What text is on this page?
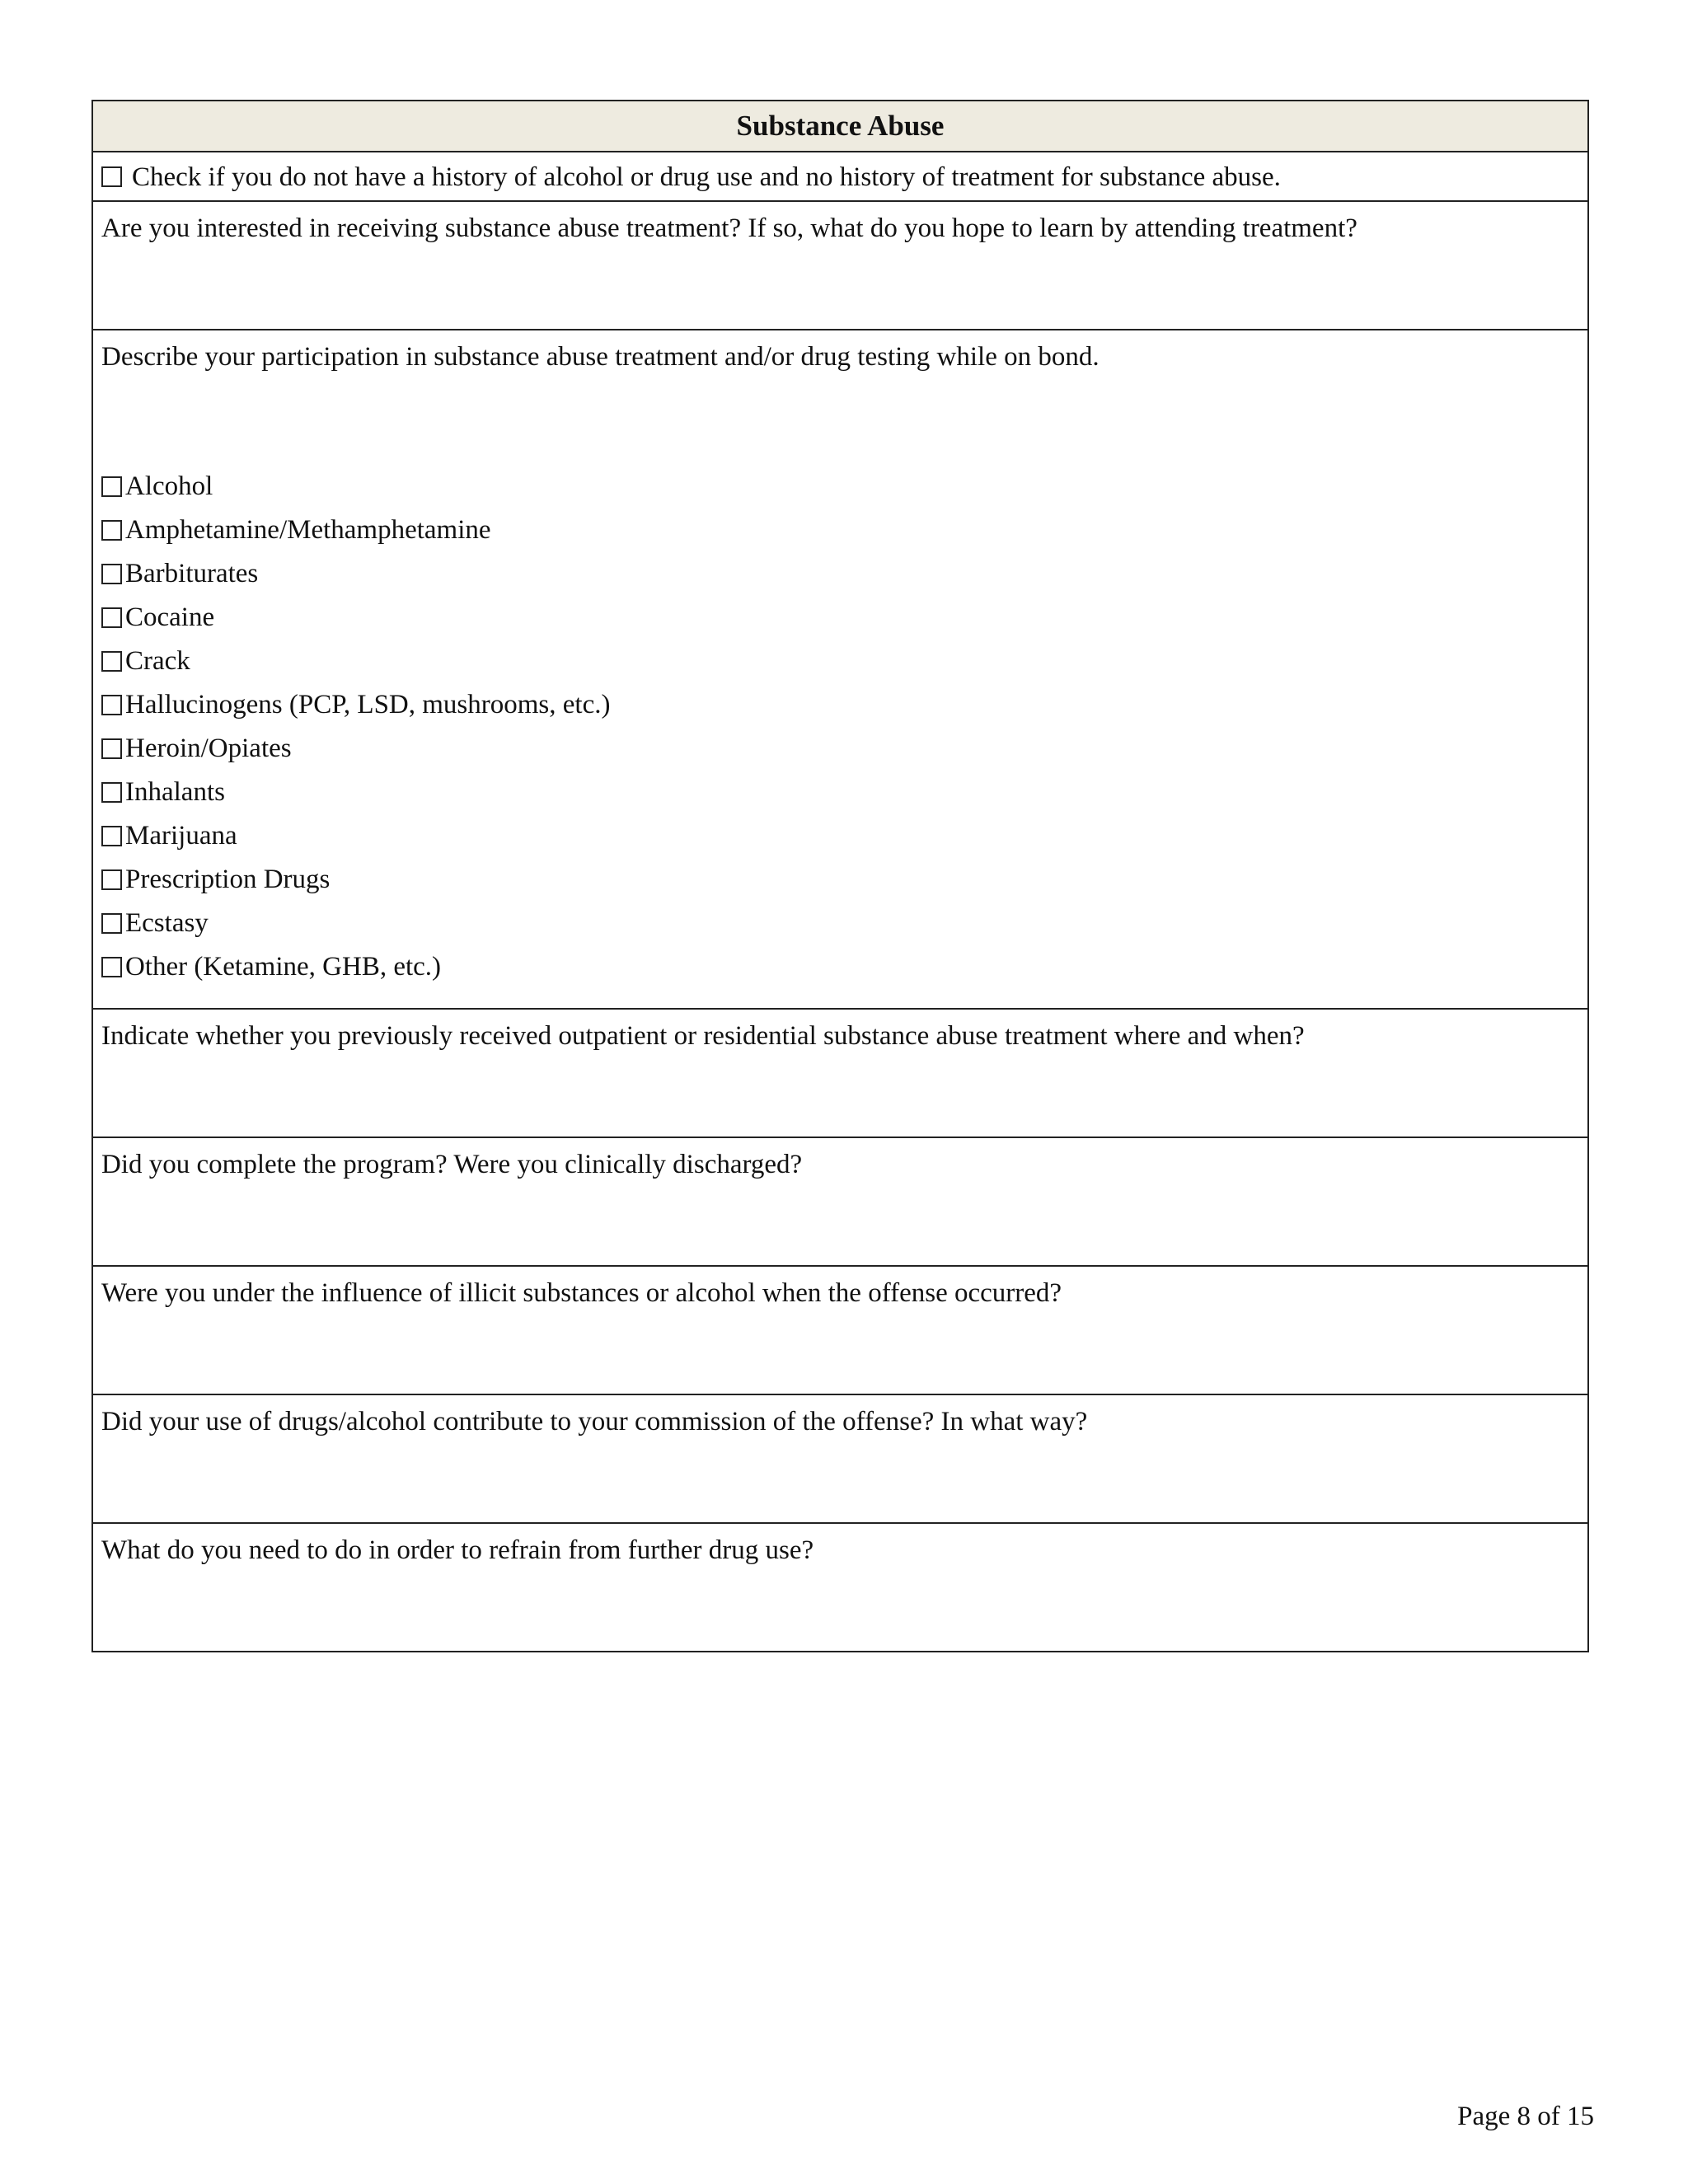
Substance Abuse
Check if you do not have a history of alcohol or drug use and no history of treatment for substance abuse.
Are you interested in receiving substance abuse treatment? If so, what do you hope to learn by attending treatment?
Describe your participation in substance abuse treatment and/or drug testing while on bond.
Alcohol
Amphetamine/Methamphetamine
Barbiturates
Cocaine
Crack
Hallucinogens (PCP, LSD, mushrooms, etc.)
Heroin/Opiates
Inhalants
Marijuana
Prescription Drugs
Ecstasy
Other (Ketamine, GHB, etc.)
Indicate whether you previously received outpatient or residential substance abuse treatment where and when?
Did you complete the program? Were you clinically discharged?
Were you under the influence of illicit substances or alcohol when the offense occurred?
Did your use of drugs/alcohol contribute to your commission of the offense? In what way?
What do you need to do in order to refrain from further drug use?
Page 8 of 15
